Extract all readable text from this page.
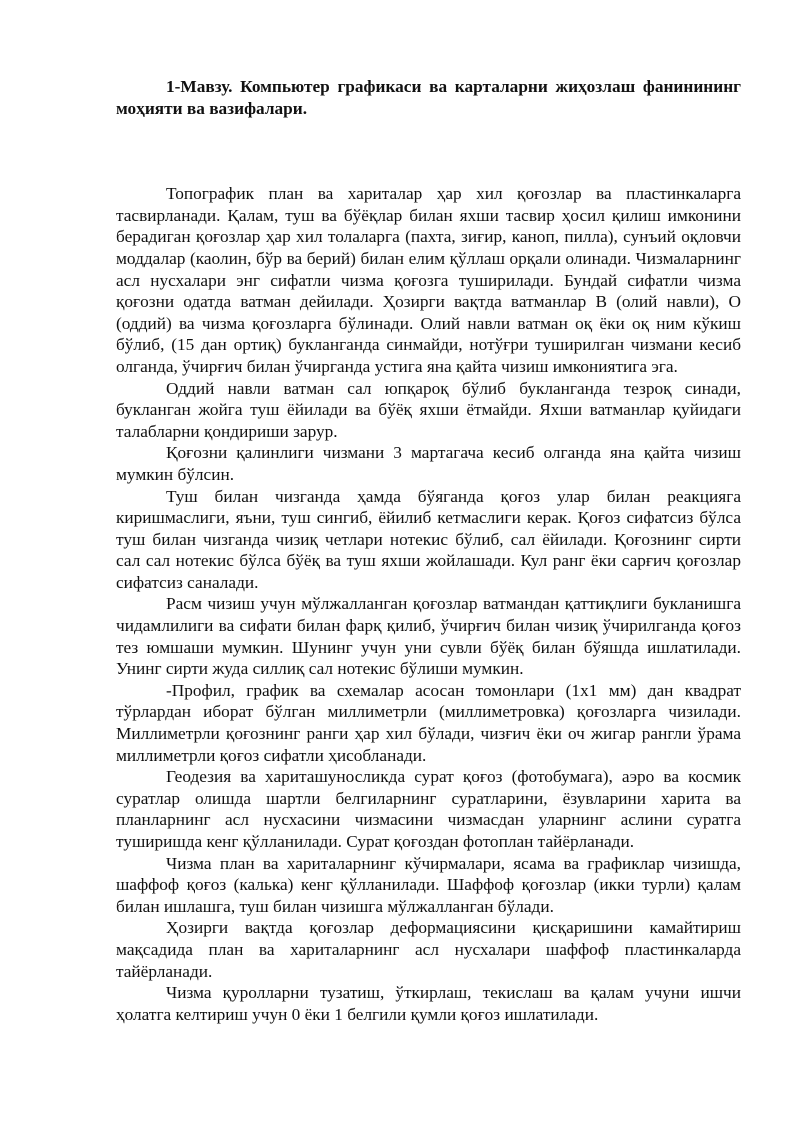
1-Мавзу. Компьютер графикаси ва карталарни жиҳозлаш фанинининг моҳияти ва вазифалари.

Топографик план ва хариталар ҳар хил қоғозлар ва пластинкаларга тасвирланади. Қалам, туш ва бўёқлар билан яхши тасвир ҳосил қилиш имконини берадиган қоғозлар ҳар хил толаларга (пахта, зиғир, каноп, пилла), сунъий оқловчи моддалар (каолин, бўр ва берий) билан елим қўллаш орқали олинади. Чизмаларнинг асл нусхалари энг сифатли чизма қоғозга туширилади. Бундай сифатли чизма қоғозни одатда ватман дейилади. Ҳозирги вақтда ватманлар В (олий навли), О (оддий) ва чизма қоғозларга бўлинади. Олий навли ватман оқ ёки оқ ним кўкиш бўлиб, (15 дан ортиқ) букланганда синмайди, нотўғри туширилган чизмани кесиб олганда, ўчирғич билан ўчирганда устига яна қайта чизиш имкониятига эга.

Оддий навли ватман сал юпқароқ бўлиб букланганда тезроқ синади, букланган жойга туш ёйилади ва бўёқ яхши ётмайди. Яхши ватманлар қуйидаги талабларни қондириши зарур.

Қоғозни қалинлиги чизмани 3 мартагача кесиб олганда яна қайта чизиш мумкин бўлсин.

Туш билан чизганда ҳамда бўяганда қоғоз улар билан реакцияга киришмаслиги, яъни, туш сингиб, ёйилиб кетмаслиги керак. Қоғоз сифатсиз бўлса туш билан чизганда чизиқ четлари нотекис бўлиб, сал ёйилади. Қоғознинг сирти сал сал нотекис бўлса бўёқ ва туш яхши жойлашади. Кул ранг ёки сарғич қоғозлар сифатсиз саналади.

Расм чизиш учун мўлжалланган қоғозлар ватмандан қаттиқлиги букланишга чидамлилиги ва сифати билан фарқ қилиб, ўчирғич билан чизиқ ўчирилганда қоғоз тез юмшаши мумкин. Шунинг учун уни сувли бўёқ билан бўяшда ишлатилади. Унинг сирти жуда силлиқ сал нотекис бўлиши мумкин.

-Профил, график ва схемалар асосан томонлари (1х1 мм) дан квадрат тўрлардан иборат бўлган миллиметрли (миллиметровка) қоғозларга чизилади. Миллиметрли қоғознинг ранги ҳар хил бўлади, чизғич ёки оч жигар рангли ўрама миллиметрли қоғоз сифатли ҳисобланади.

Геодезия ва хариташуносликда сурат қоғоз (фотобумага), аэро ва космик суратлар олишда шартли белгиларнинг суратларини, ёзувларини харита ва планларнинг асл нусхасини чизмасини чизмасдан уларнинг аслини суратга туширишда кенг қўлланилади. Сурат қоғоздан фотоплан тайёрланади.

Чизма план ва хариталарнинг кўчирмалари, ясама ва графиклар чизишда, шаффоф қоғоз (калька) кенг қўлланилади. Шаффоф қоғозлар (икки турли) қалам билан ишлашга, туш билан чизишга мўлжалланган бўлади.

Ҳозирги вақтда қоғозлар деформациясини қисқаришини камайтириш мақсадида план ва хариталарнинг асл нусхалари шаффоф пластинкаларда тайёрланади.

Чизма қуролларни тузатиш, ўткирлаш, текислаш ва қалам учуни ишчи ҳолатга келтириш учун 0 ёки 1 белгили қумли қоғоз ишлатилади.
